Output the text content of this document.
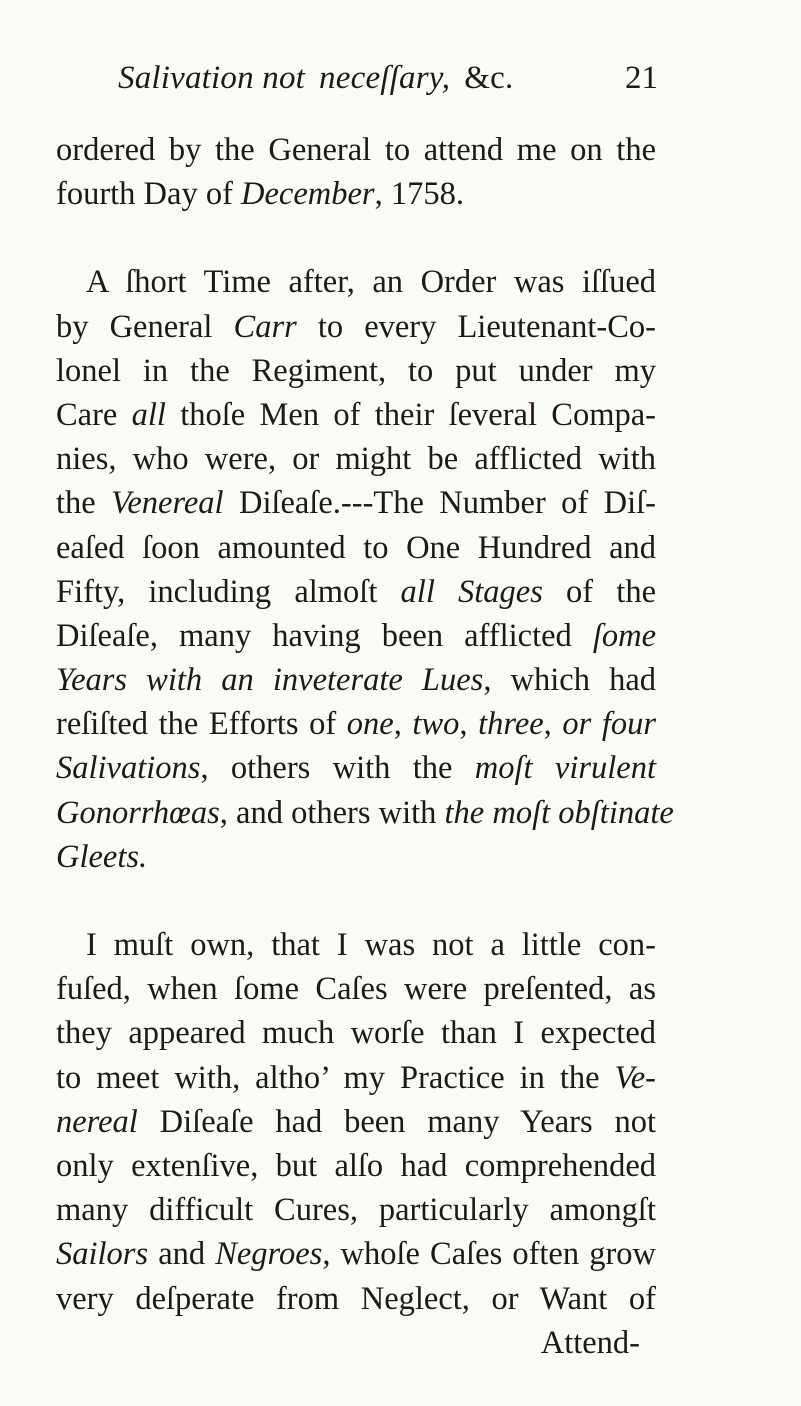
Salivation not neceſſary, &c.	21
ordered by the General to attend me on the
fourth Day of December, 1758.
A ſhort Time after, an Order was iſſued
by General Carr to every Lieutenant-Co-
lonel in the Regiment, to put under my
Care all thoſe Men of their ſeveral Compa-
nies, who were, or might be afflicted with
the Venereal Diſeaſe.---The Number of Diſ-
eaſed ſoon amounted to One Hundred and
Fifty, including almoſt all Stages of the
Diſeaſe, many having been afflicted ſome
Years with an inveterate Lues, which had
reſiſted the Efforts of one, two, three, or four
Salivations, others with the moſt virulent
Gonorrhœas, and others with the moſt obſtinate
Gleets.
I muſt own, that I was not a little con-
fuſed, when ſome Caſes were preſented, as
they appeared much worſe than I expected
to meet with, altho’ my Practice in the Ve-
nereal Diſeaſe had been many Years not
only extenſive, but alſo had comprehended
many difficult Cures, particularly amongſt
Sailors and Negroes, whoſe Caſes often grow
very deſperate from Neglect, or Want of
Attend-
